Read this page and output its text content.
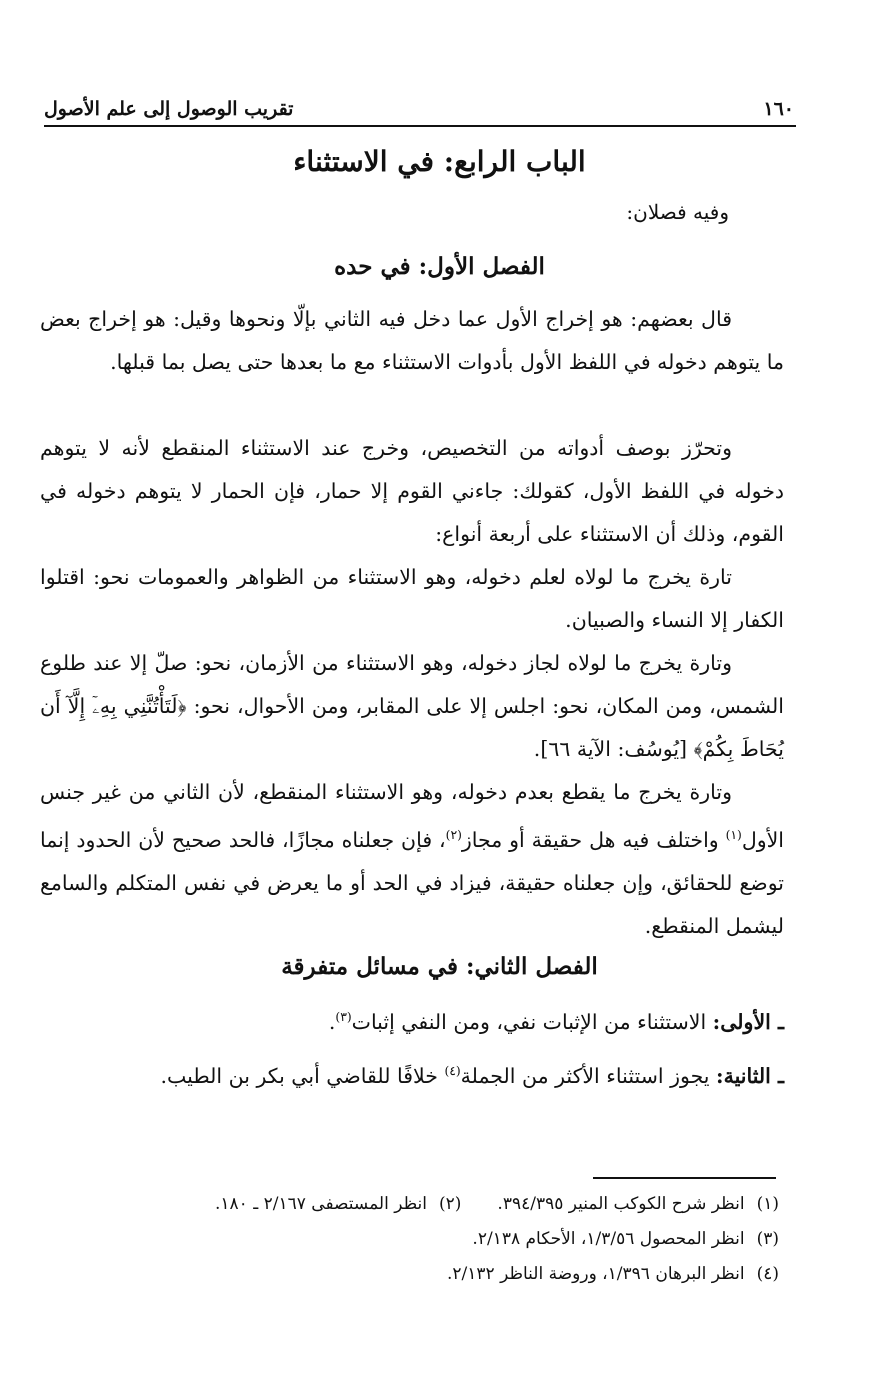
١٦٠
تقريب الوصول إلى علم الأصول
الباب الرابع: في الاستثناء
وفيه فصلان:
الفصل الأول: في حده
قال بعضهم: هو إخراج الأول عما دخل فيه الثاني بإلّا ونحوها وقيل: هو إخراج بعض ما يتوهم دخوله في اللفظ الأول بأدوات الاستثناء مع ما بعدها حتى يصل بما قبلها.
وتحرّز بوصف أدواته من التخصيص، وخرج عند الاستثناء المنقطع لأنه لا يتوهم دخوله في اللفظ الأول، كقولك: جاءني القوم إلا حمار، فإن الحمار لا يتوهم دخوله في القوم، وذلك أن الاستثناء على أربعة أنواع:
تارة يخرج ما لولاه لعلم دخوله، وهو الاستثناء من الظواهر والعمومات نحو: اقتلوا الكفار إلا النساء والصبيان.
وتارة يخرج ما لولاه لجاز دخوله، وهو الاستثناء من الأزمان، نحو: صلّ إلا عند طلوع الشمس، ومن المكان، نحو: اجلس إلا على المقابر، ومن الأحوال، نحو: ﴿لَتَأْتُنَّنِي بِهِۦٓ إِلَّآ أَن يُحَاطَ بِكُمْ﴾ [يُوسُف: الآية ٦٦].
وتارة يخرج ما يقطع بعدم دخوله، وهو الاستثناء المنقطع، لأن الثاني من غير جنس الأول$^{(١)}$ واختلف فيه هل حقيقة أو مجاز$^{(٢)}$، فإن جعلناه مجازًا، فالحد صحيح لأن الحدود إنما توضع للحقائق، وإن جعلناه حقيقة، فيزاد في الحد أو ما يعرض في نفس المتكلم والسامع ليشمل المنقطع.
الفصل الثاني: في مسائل متفرقة
ـ الأولى: الاستثناء من الإثبات نفي، ومن النفي إثبات$^{(٣)}$.
ـ الثانية: يجوز استثناء الأكثر من الجملة$^{(٤)}$ خلافًا للقاضي أبي بكر بن الطيب.
(١)انظر شرح الكوكب المنير ٣٩٤/٣٩٥.(٢)انظر المستصفى ٢/١٦٧ ـ ١٨٠.
(٣)انظر المحصول ١/٣/٥٦، الأحكام ٢/١٣٨.
(٤)انظر البرهان ١/٣٩٦، وروضة الناظر ٢/١٣٢.
